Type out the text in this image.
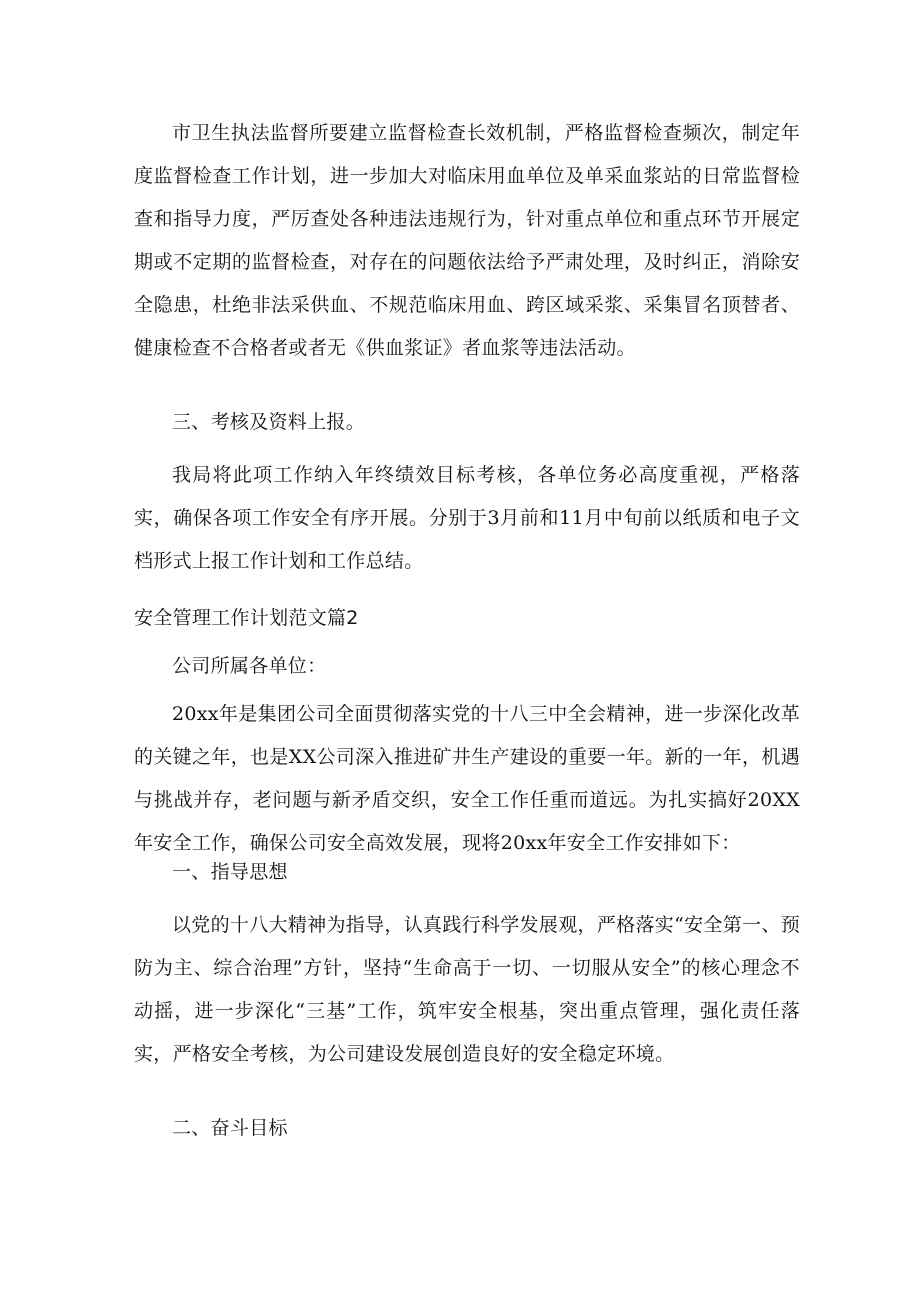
市卫生执法监督所要建立监督检查长效机制，严格监督检查频次，制定年度监督检查工作计划，进一步加大对临床用血单位及单采血浆站的日常监督检查和指导力度，严厉查处各种违法违规行为，针对重点单位和重点环节开展定期或不定期的监督检查，对存在的问题依法给予严肃处理，及时纠正，消除安全隐患，杜绝非法采供血、不规范临床用血、跨区域采浆、采集冒名顶替者、健康检查不合格者或者无《供血浆证》者血浆等违法活动。

三、考核及资料上报。

我局将此项工作纳入年终绩效目标考核，各单位务必高度重视，严格落实，确保各项工作安全有序开展。分别于3月前和11月中旬前以纸质和电子文档形式上报工作计划和工作总结。

安全管理工作计划范文篇2

公司所属各单位：

20xx年是集团公司全面贯彻落实党的十八三中全会精神，进一步深化改革的关键之年，也是XX公司深入推进矿井生产建设的重要一年。新的一年，机遇与挑战并存，老问题与新矛盾交织，安全工作任重而道远。为扎实搞好20XX年安全工作，确保公司安全高效发展，现将20xx年安全工作安排如下：

一、指导思想

以党的十八大精神为指导，认真践行科学发展观，严格落实“安全第一、预防为主、综合治理”方针，坚持“生命高于一切、一切服从安全”的核心理念不动摇，进一步深化“三基”工作，筑牢安全根基，突出重点管理，强化责任落实，严格安全考核，为公司建设发展创造良好的安全稳定环境。

二、奋斗目标
